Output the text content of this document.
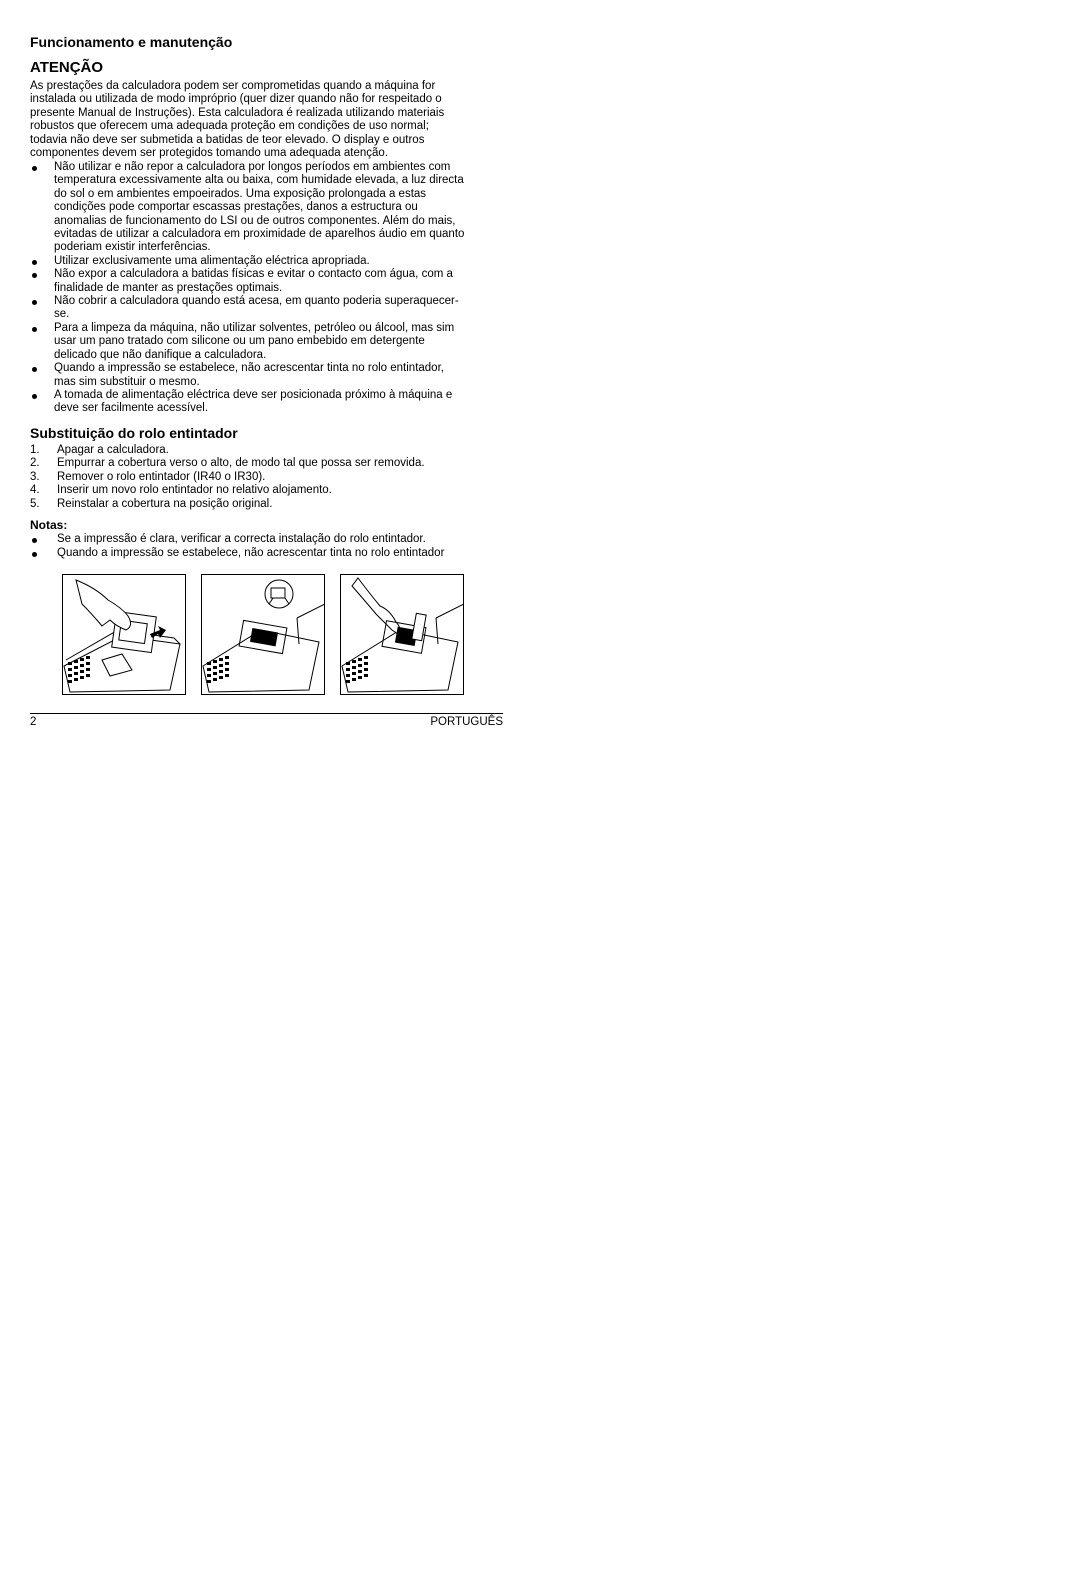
Funcionamento e manutenção
ATENÇÃO

As prestações da calculadora podem ser comprometidas quando a máquina for
instalada ou utilizada de modo impróprio (quer dizer quando não for respeitado o
presente Manual de Instruções). Esta calculadora é realizada utilizando materiais
robustos que oferecem uma adequada proteção em condições de uso normal;
todavia não deve ser submetida a batidas de teor elevado. O display e outros
componentes devem ser protegidos tomando uma adequada atenção.

Não utilizar e não repor a calculadora por longos períodos em ambientes com
temperatura excessivamente alta ou baixa, com humidade elevada, a luz directa
do sol o em ambientes empoeirados. Uma exposição prolongada a estas
condições pode comportar escassas prestações, danos a estructura ou
anomalias de funcionamento do LSI ou de outros componentes. Além do mais,
evitadas de utilizar a calculadora em proximidade de aparelhos áudio em quanto
poderiam existir interferências.
Utilizar exclusivamente uma alimentação eléctrica apropriada.
Não expor a calculadora a batidas físicas e evitar o contacto com água, com a
finalidade de manter as prestações optimais.
Não cobrir a calculadora quando está acesa, em quanto poderia superaquecer-
se.
Para a limpeza da máquina, não utilizar solventes, petróleo ou álcool, mas sim
usar um pano tratado com silicone ou um pano embebido em detergente
delicado que não danifique a calculadora.
Quando a impressão se estabelece, não acrescentar tinta no rolo entintador,
mas sim substituir o mesmo.
A tomada de alimentação eléctrica deve ser posicionada próximo à máquina e
deve ser facilmente acessível.
Substituição do rolo entintador
1. Apagar a calculadora.
2. Empurrar a cobertura verso o alto, de modo tal que possa ser removida.
3. Remover o rolo entintador (IR40 o IR30).
4. Inserir um novo rolo entintador no relativo alojamento.
5. Reinstalar a cobertura na posição original.
Notas:
Se a impressão é clara, verificar a correcta instalação do rolo entintador.
Quando a impressão se estabelece, não acrescentar tinta no rolo entintador
2	PORTUGUÊS
